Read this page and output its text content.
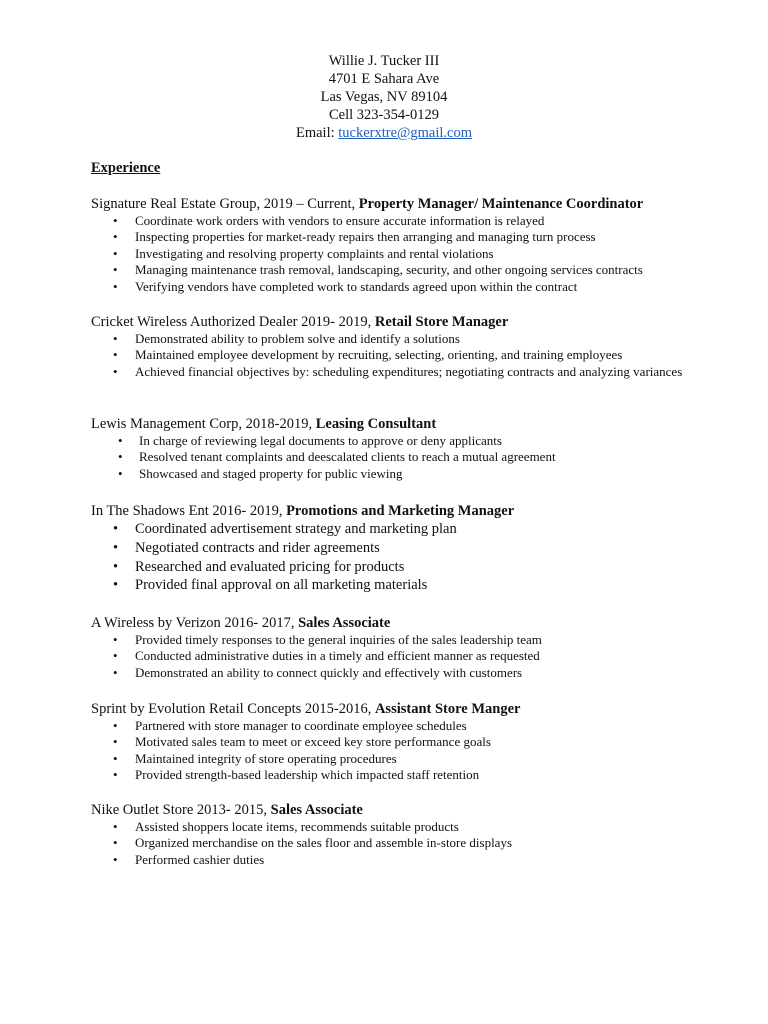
Willie J. Tucker III
4701 E Sahara Ave
Las Vegas, NV 89104
Cell 323-354-0129
Email: tuckerxtre@gmail.com
Experience

Signature Real Estate Group, 2019 – Current, Property Manager/ Maintenance Coordinator

• Coordinate work orders with vendors to ensure accurate information is relayed
• Inspecting properties for market-ready repairs then arranging and managing turn process
• Investigating and resolving property complaints and rental violations
• Managing maintenance trash removal, landscaping, security, and other ongoing services contracts
• Verifying vendors have completed work to standards agreed upon within the contract

Cricket Wireless Authorized Dealer 2019- 2019, Retail Store Manager

• Demonstrated ability to problem solve and identify a solutions
• Maintained employee development by recruiting, selecting, orienting, and training employees
• Achieved financial objectives by: scheduling expenditures; negotiating contracts and analyzing variances

Lewis Management Corp, 2018-2019, Leasing Consultant

• In charge of reviewing legal documents to approve or deny applicants
• Resolved tenant complaints and deescalated clients to reach a mutual agreement
• Showcased and staged property for public viewing

In The Shadows Ent 2016- 2019, Promotions and Marketing Manager

• Coordinated advertisement strategy and marketing plan
• Negotiated contracts and rider agreements
• Researched and evaluated pricing for products
• Provided final approval on all marketing materials

A Wireless by Verizon 2016- 2017, Sales Associate

• Provided timely responses to the general inquiries of the sales leadership team
• Conducted administrative duties in a timely and efficient manner as requested
• Demonstrated an ability to connect quickly and effectively with customers

Sprint by Evolution Retail Concepts 2015-2016, Assistant Store Manger

• Partnered with store manager to coordinate employee schedules
• Motivated sales team to meet or exceed key store performance goals
• Maintained integrity of store operating procedures
• Provided strength-based leadership which impacted staff retention

Nike Outlet Store 2013- 2015, Sales Associate

• Assisted shoppers locate items, recommends suitable products
• Organized merchandise on the sales floor and assemble in-store displays
• Performed cashier duties
